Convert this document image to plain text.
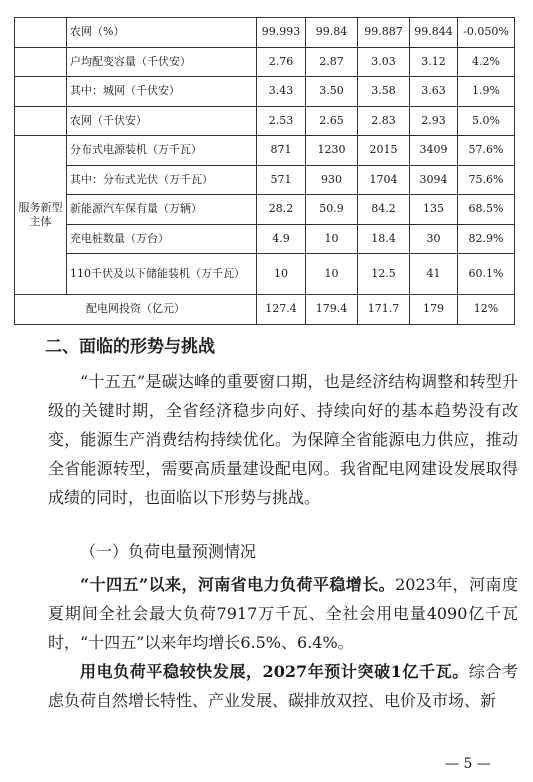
	农网（%）	99.993	99.84	99.887	99.844	-0.050%
	户均配变容量（千伏安）	2.76	2.87	3.03	3.12	4.2%
	其中：城网（千伏安）	3.43	3.50	3.58	3.63	1.9%
	农网（千伏安）	2.53	2.65	2.83	2.93	5.0%
服务新型主体	分布式电源装机（万千瓦）	871	1230	2015	3409	57.6%
	其中：分布式光伏（万千瓦）	571	930	1704	3094	75.6%
	新能源汽车保有量（万辆）	28.2	50.9	84.2	135	68.5%
	充电桩数量（万台）	4.9	10	18.4	30	82.9%
	110千伏及以下储能装机（万千瓦）	10	10	12.5	41	60.1%
配电网投资（亿元）		127.4	179.4	171.7	179	12%
二、面临的形势与挑战

“十五五”是碳达峰的重要窗口期，也是经济结构调整和转型升级的关键时期，全省经济稳步向好、持续向好的基本趋势没有改变，能源生产消费结构持续优化。为保障全省能源电力供应，推动全省能源转型，需要高质量建设配电网。我省配电网建设发展取得成绩的同时，也面临以下形势与挑战。

（一）负荷电量预测情况

“十四五”以来，河南省电力负荷平稳增长。2023年，河南度夏期间全社会最大负荷7917万千瓦、全社会用电量4090亿千瓦时，“十四五”以来年均增长6.5%、6.4%。

用电负荷平稳较快发展，2027年预计突破1亿千瓦。综合考虑负荷自然增长特性、产业发展、碳排放双控、电价及市场、新

— 5 —
